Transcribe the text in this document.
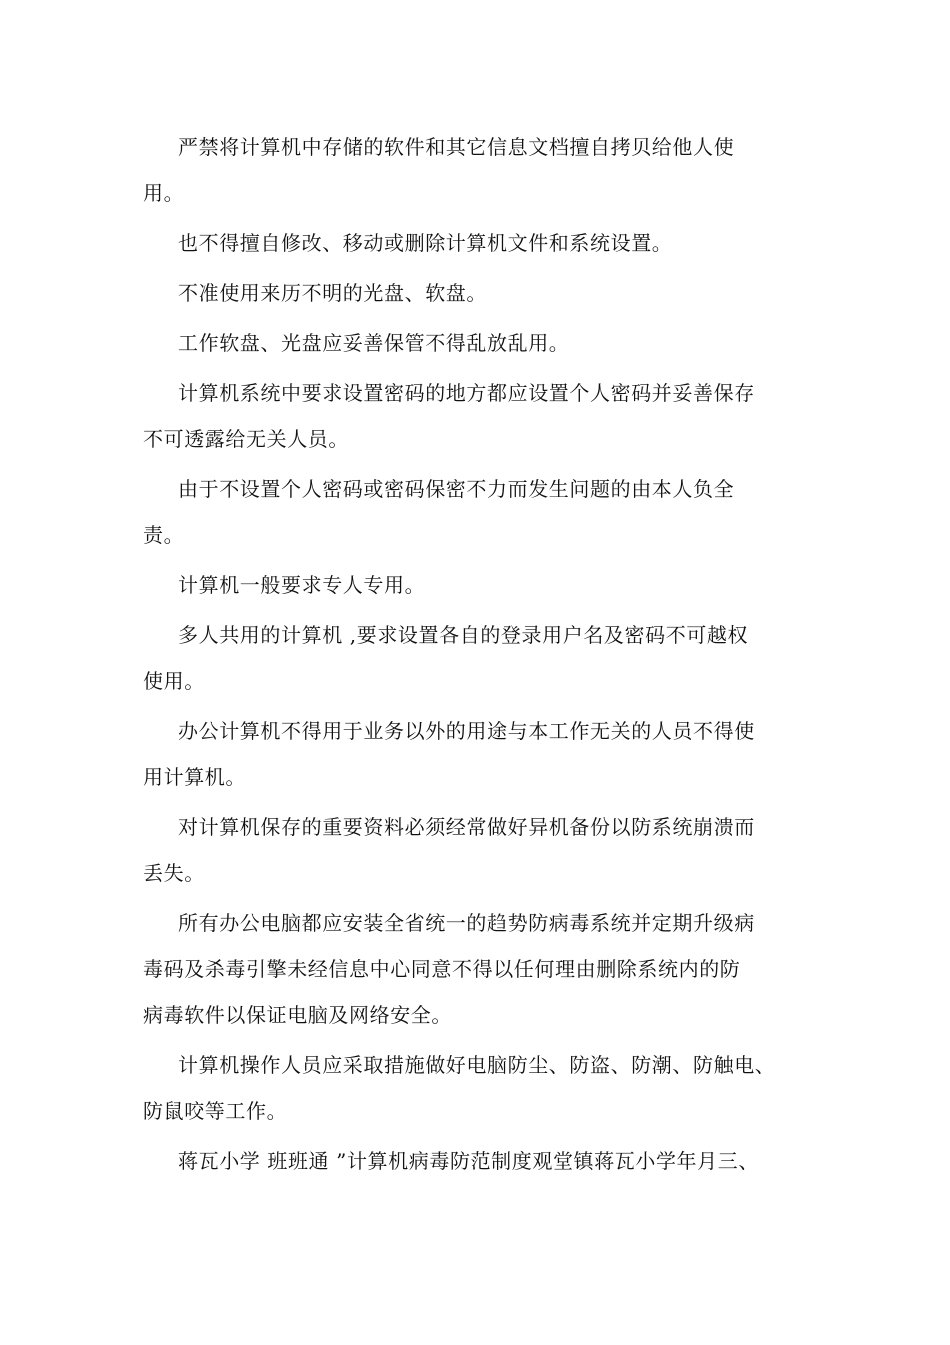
严禁将计算机中存储的软件和其它信息文档擅自拷贝给他人使
用。

也不得擅自修改、移动或删除计算机文件和系统设置。

不准使用来历不明的光盘、软盘。

工作软盘、光盘应妥善保管不得乱放乱用。

计算机系统中要求设置密码的地方都应设置个人密码并妥善保存
不可透露给无关人员。

由于不设置个人密码或密码保密不力而发生问题的由本人负全
责。

计算机一般要求专人专用。

多人共用的计算机 ,要求设置各自的登录用户名及密码不可越权
使用。

办公计算机不得用于业务以外的用途与本工作无关的人员不得使
用计算机。

对计算机保存的重要资料必须经常做好异机备份以防系统崩溃而
丢失。

所有办公电脑都应安装全省统一的趋势防病毒系统并定期升级病
毒码及杀毒引擎未经信息中心同意不得以任何理由删除系统内的防
病毒软件以保证电脑及网络安全。

计算机操作人员应采取措施做好电脑防尘、防盗、防潮、防触电、
防鼠咬等工作。

蒋瓦小学 班班通 ”计算机病毒防范制度观堂镇蒋瓦小学年月三、
